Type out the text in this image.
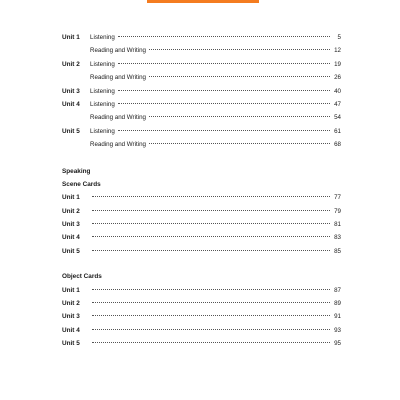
Unit 1 Listening	5
Reading and Writing	12
Unit 2 Listening	19
Reading and Writing	26
Unit 3 Listening	40
Unit 4 Listening	47
Reading and Writing	54
Unit 5 Listening	61
Reading and Writing	68
Speaking
Scene Cards
Unit 1	77
Unit 2	79
Unit 3	81
Unit 4	83
Unit 5	85
Object Cards
Unit 1	87
Unit 2	89
Unit 3	91
Unit 4	93
Unit 5	95
